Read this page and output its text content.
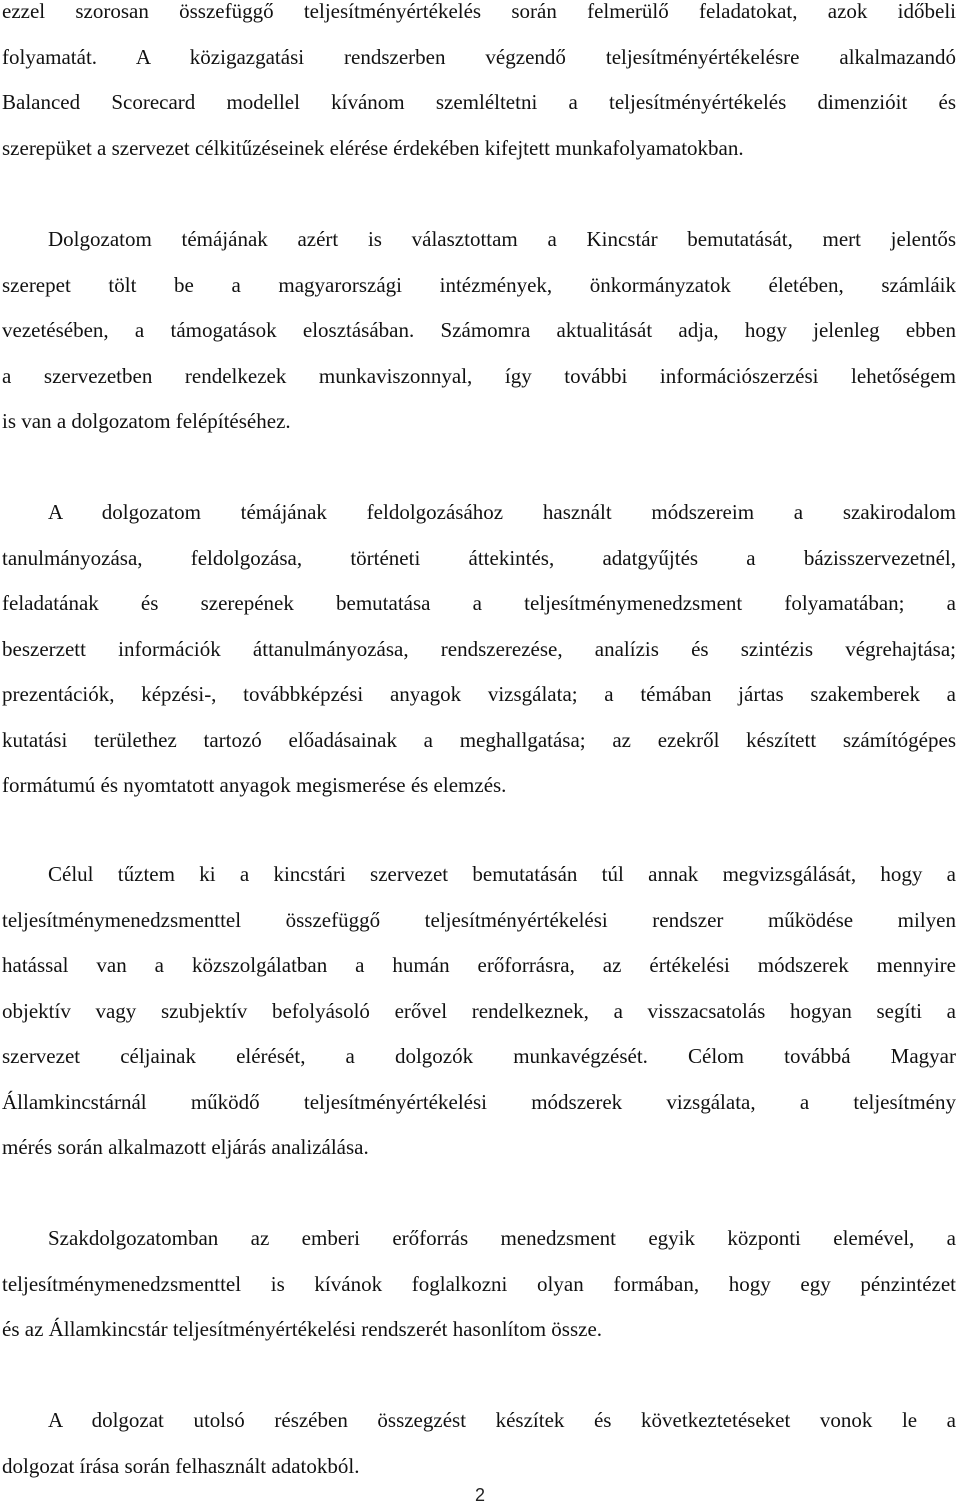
ezzel szorosan összefüggő teljesítményértékelés során felmerülő feladatokat, azok időbeli
folyamatát. A közigazgatási rendszerben végzendő teljesítményértékelésre alkalmazandó
Balanced Scorecard modellel kívánom szemléltetni a teljesítményértékelés dimenzióit és
szerepüket a szervezet célkitűzéseinek elérése érdekében kifejtett munkafolyamatokban.
Dolgozatom témájának azért is választottam a Kincstár bemutatását, mert jelentős
szerepet tölt be a magyarországi intézmények, önkormányzatok életében, számláik
vezetésében, a támogatások elosztásában. Számomra aktualitását adja, hogy jelenleg ebben
a szervezetben rendelkezek munkaviszonnyal, így további információszerzési lehetőségem
is van a dolgozatom felépítéséhez.
A dolgozatom témájának feldolgozásához használt módszereim a szakirodalom
tanulmányozása, feldolgozása, történeti áttekintés, adatgyűjtés a bázisszervezetnél,
feladatának és szerepének bemutatása a teljesítménymenedzsment folyamatában; a
beszerzett információk áttanulmányozása, rendszerezése, analízis és szintézis végrehajtása;
prezentációk, képzési-, továbbképzési anyagok vizsgálata; a témában jártas szakemberek a
kutatási területhez tartozó előadásainak a meghallgatása; az ezekről készített számítógépes
formátumú és nyomtatott anyagok megismerése és elemzés.
Célul tűztem ki a kincstári szervezet bemutatásán túl annak megvizsgálását, hogy a
teljesítménymenedzsmenttel összefüggő teljesítményértékelési rendszer működése milyen
hatással van a közszolgálatban a humán erőforrásra, az értékelési módszerek mennyire
objektív vagy szubjektív befolyásoló erővel rendelkeznek, a visszacsatolás hogyan segíti a
szervezet céljainak elérését, a dolgozók munkavégzését. Célom továbbá Magyar
Államkincstárnál működő teljesítményértékelési módszerek vizsgálata, a teljesítmény
mérés során alkalmazott eljárás analizálása.
Szakdolgozatomban az emberi erőforrás menedzsment egyik központi elemével, a
teljesítménymenedzsmenttel is kívánok foglalkozni olyan formában, hogy egy pénzintézet
és az Államkincstár teljesítményértékelési rendszerét hasonlítom össze.
A dolgozat utolsó részében összegzést készítek és következtetéseket vonok le a
dolgozat írása során felhasznált adatokból.
2
